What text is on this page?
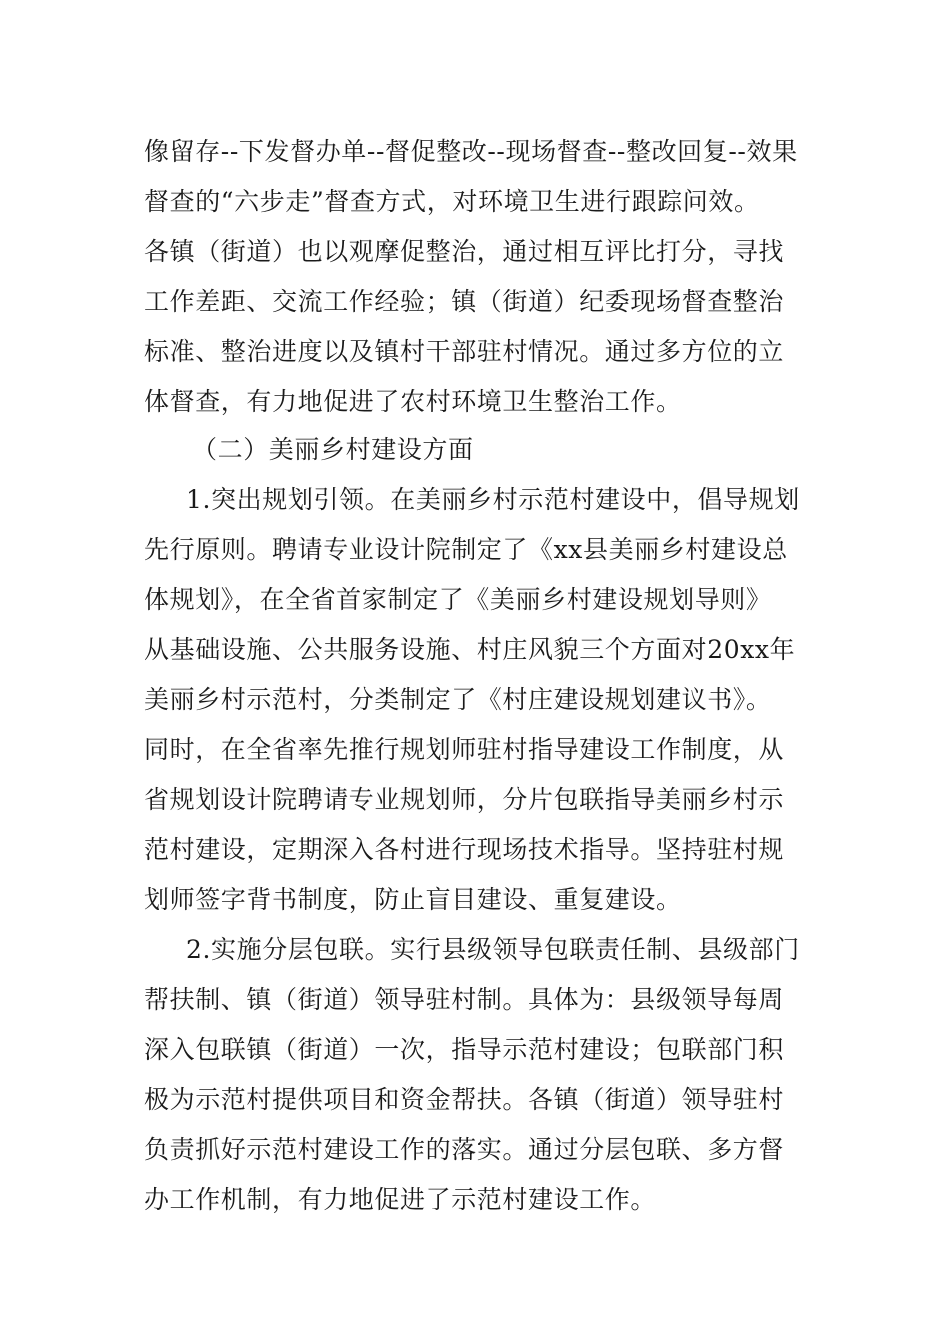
像留存--下发督办单--督促整改--现场督查--整改回复--效果
督查的“六步走”督查方式，对环境卫生进行跟踪问效。
各镇（街道）也以观摩促整治，通过相互评比打分，寻找
工作差距、交流工作经验；镇（街道）纪委现场督查整治
标准、整治进度以及镇村干部驻村情况。通过多方位的立
体督查，有力地促进了农村环境卫生整治工作。
（二）美丽乡村建设方面
1.突出规划引领。在美丽乡村示范村建设中，倡导规划
先行原则。聘请专业设计院制定了《xx县美丽乡村建设总
体规划》，在全省首家制定了《美丽乡村建设规划导则》
从基础设施、公共服务设施、村庄风貌三个方面对20xx年
美丽乡村示范村，分类制定了《村庄建设规划建议书》。
同时，在全省率先推行规划师驻村指导建设工作制度，从
省规划设计院聘请专业规划师，分片包联指导美丽乡村示
范村建设，定期深入各村进行现场技术指导。坚持驻村规
划师签字背书制度，防止盲目建设、重复建设。
2.实施分层包联。实行县级领导包联责任制、县级部门
帮扶制、镇（街道）领导驻村制。具体为：县级领导每周
深入包联镇（街道）一次，指导示范村建设；包联部门积
极为示范村提供项目和资金帮扶。各镇（街道）领导驻村
负责抓好示范村建设工作的落实。通过分层包联、多方督
办工作机制，有力地促进了示范村建设工作。
